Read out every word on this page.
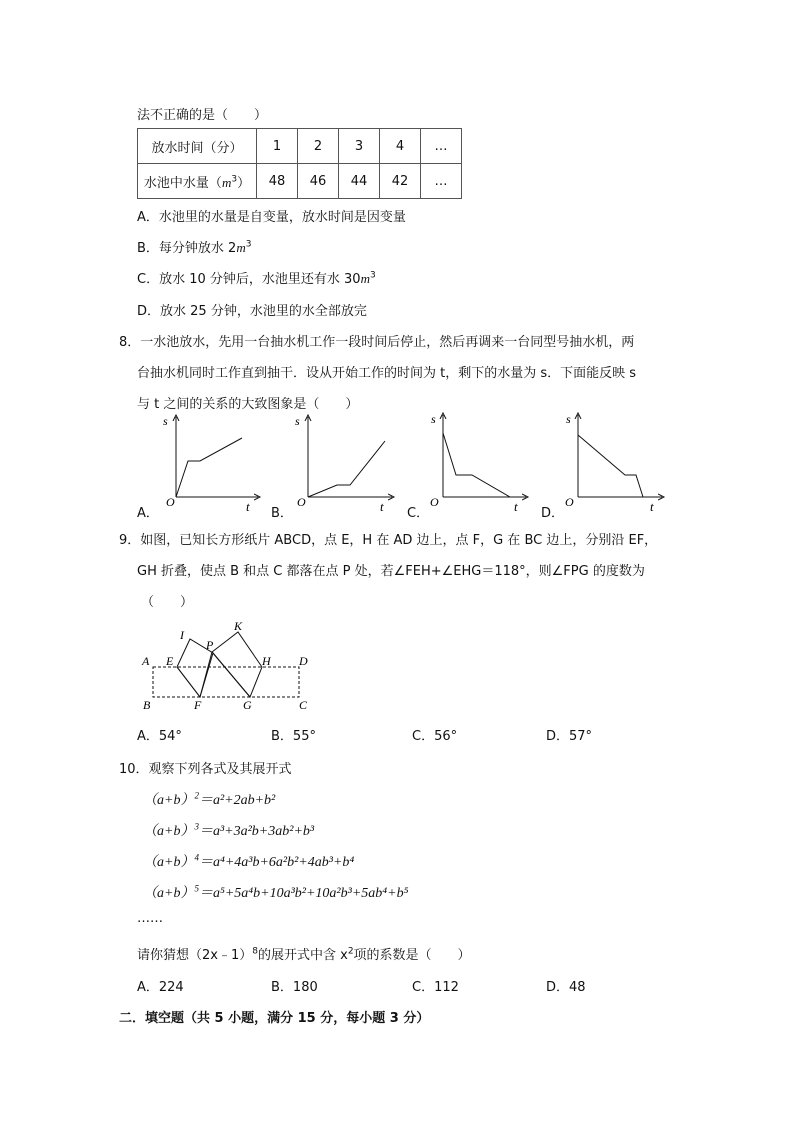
法不正确的是（　　）
放水时间（分）	1	2	3	4	…
水池中水量$(m^3)$	48	46	44	42	…
A．水池里的水量是自变量，放水时间是因变量
B．每分钟放水 $2m^3$
C．放水 10 分钟后，水池里还有水 $30m^3$
D．放水 25 分钟，水池里的水全部放完
8．一水池放水，先用一台抽水机工作一段时间后停止，然后再调来一台同型号抽水机，两
台抽水机同时工作直到抽干．设从开始工作的时间为 t，剩下的水量为 s．下面能反映 s
与 t 之间的关系的大致图象是（　　）
s
t
O
s
t
O
s
t
O
s
t
O
A．	B．	C．	D．
9．如图，已知长方形纸片 ABCD，点 E，H 在 AD 边上，点 F，G 在 BC 边上，分别沿 EF，
GH 折叠，使点 B 和点 C 都落在点 P 处，若∠FEH+∠EHG＝118°，则∠FPG 的度数为
（　　）
A E
I
P
K
H D
B	F	G	C
A．54°	B．55°	C．56°	D．57°
10．观察下列各式及其展开式
$(a+b)^2=a^2+2ab+b^2$
$(a+b)^3=a^3+3a^2b+3ab^2+b^3$
$(a+b)^4=a^4+4a^3b+6a^2b^2+4ab^3+b^4$
$(a+b)^5=a^5+5a^4b+10a^3b^2+10a^2b^3+5ab^4+b^5$
……
请你猜想（2x﹣1）$^8$的展开式中含 $x^2$项的系数是（　　）
A．224	B．180	C．112	D．48
二．填空题（共 5 小题，满分 15 分，每小题 3 分）
